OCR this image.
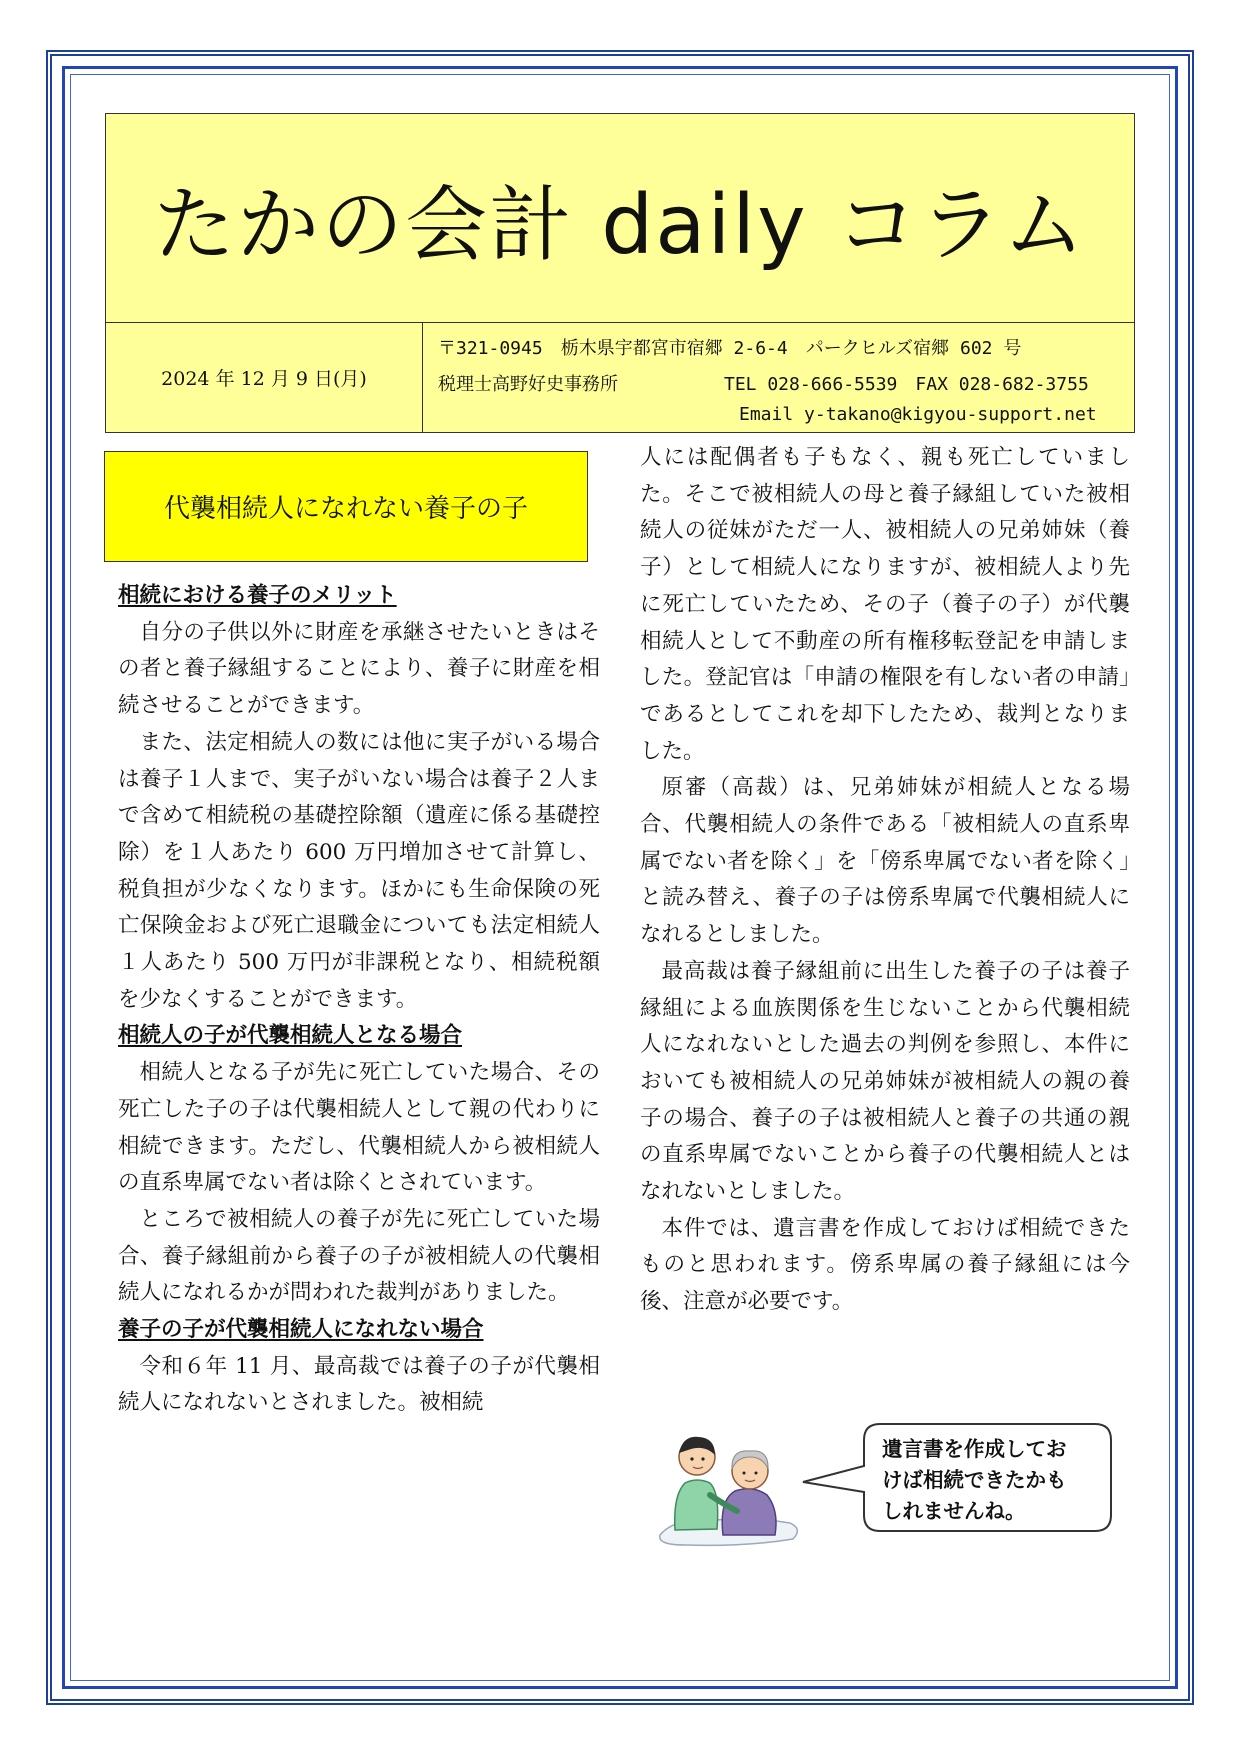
たかの会計 daily コラム
2024 年 12 月 9 日(月)
〒321-0945　栃木県宇都宮市宿郷 2-6-4　パークヒルズ宿郷 602 号
税理士高野好史事務所	TEL 028-666-5539　FAX 028-682-3755
Email y-takano@kigyou-support.net
代襲相続人になれない養子の子
相続における養子のメリット

自分の子供以外に財産を承継させたいときはその者と養子縁組することにより、養子に財産を相続させることができます。

また、法定相続人の数には他に実子がいる場合は養子１人まで、実子がいない場合は養子２人まで含めて相続税の基礎控除額（遺産に係る基礎控除）を１人あたり 600 万円増加させて計算し、税負担が少なくなります。ほかにも生命保険の死亡保険金および死亡退職金についても法定相続人１人あたり 500 万円が非課税となり、相続税額を少なくすることができます。

相続人の子が代襲相続人となる場合

相続人となる子が先に死亡していた場合、その死亡した子の子は代襲相続人として親の代わりに相続できます。ただし、代襲相続人から被相続人の直系卑属でない者は除くとされています。

ところで被相続人の養子が先に死亡していた場合、養子縁組前から養子の子が被相続人の代襲相続人になれるかが問われた裁判がありました。

養子の子が代襲相続人になれない場合

令和６年 11 月、最高裁では養子の子が代襲相続人になれないとされました。被相続

人には配偶者も子もなく、親も死亡していました。そこで被相続人の母と養子縁組していた被相続人の従妹がただ一人、被相続人の兄弟姉妹（養子）として相続人になりますが、被相続人より先に死亡していたため、その子（養子の子）が代襲相続人として不動産の所有権移転登記を申請しました。登記官は「申請の権限を有しない者の申請」であるとしてこれを却下したため、裁判となりました。

原審（高裁）は、兄弟姉妹が相続人となる場合、代襲相続人の条件である「被相続人の直系卑属でない者を除く」を「傍系卑属でない者を除く」と読み替え、養子の子は傍系卑属で代襲相続人になれるとしました。

最高裁は養子縁組前に出生した養子の子は養子縁組による血族関係を生じないことから代襲相続人になれないとした過去の判例を参照し、本件においても被相続人の兄弟姉妹が被相続人の親の養子の場合、養子の子は被相続人と養子の共通の親の直系卑属でないことから養子の代襲相続人とはなれないとしました。

本件では、遺言書を作成しておけば相続できたものと思われます。傍系卑属の養子縁組には今後、注意が必要です。

遺言書を作成してお
けば相続できたかも
しれませんね。
